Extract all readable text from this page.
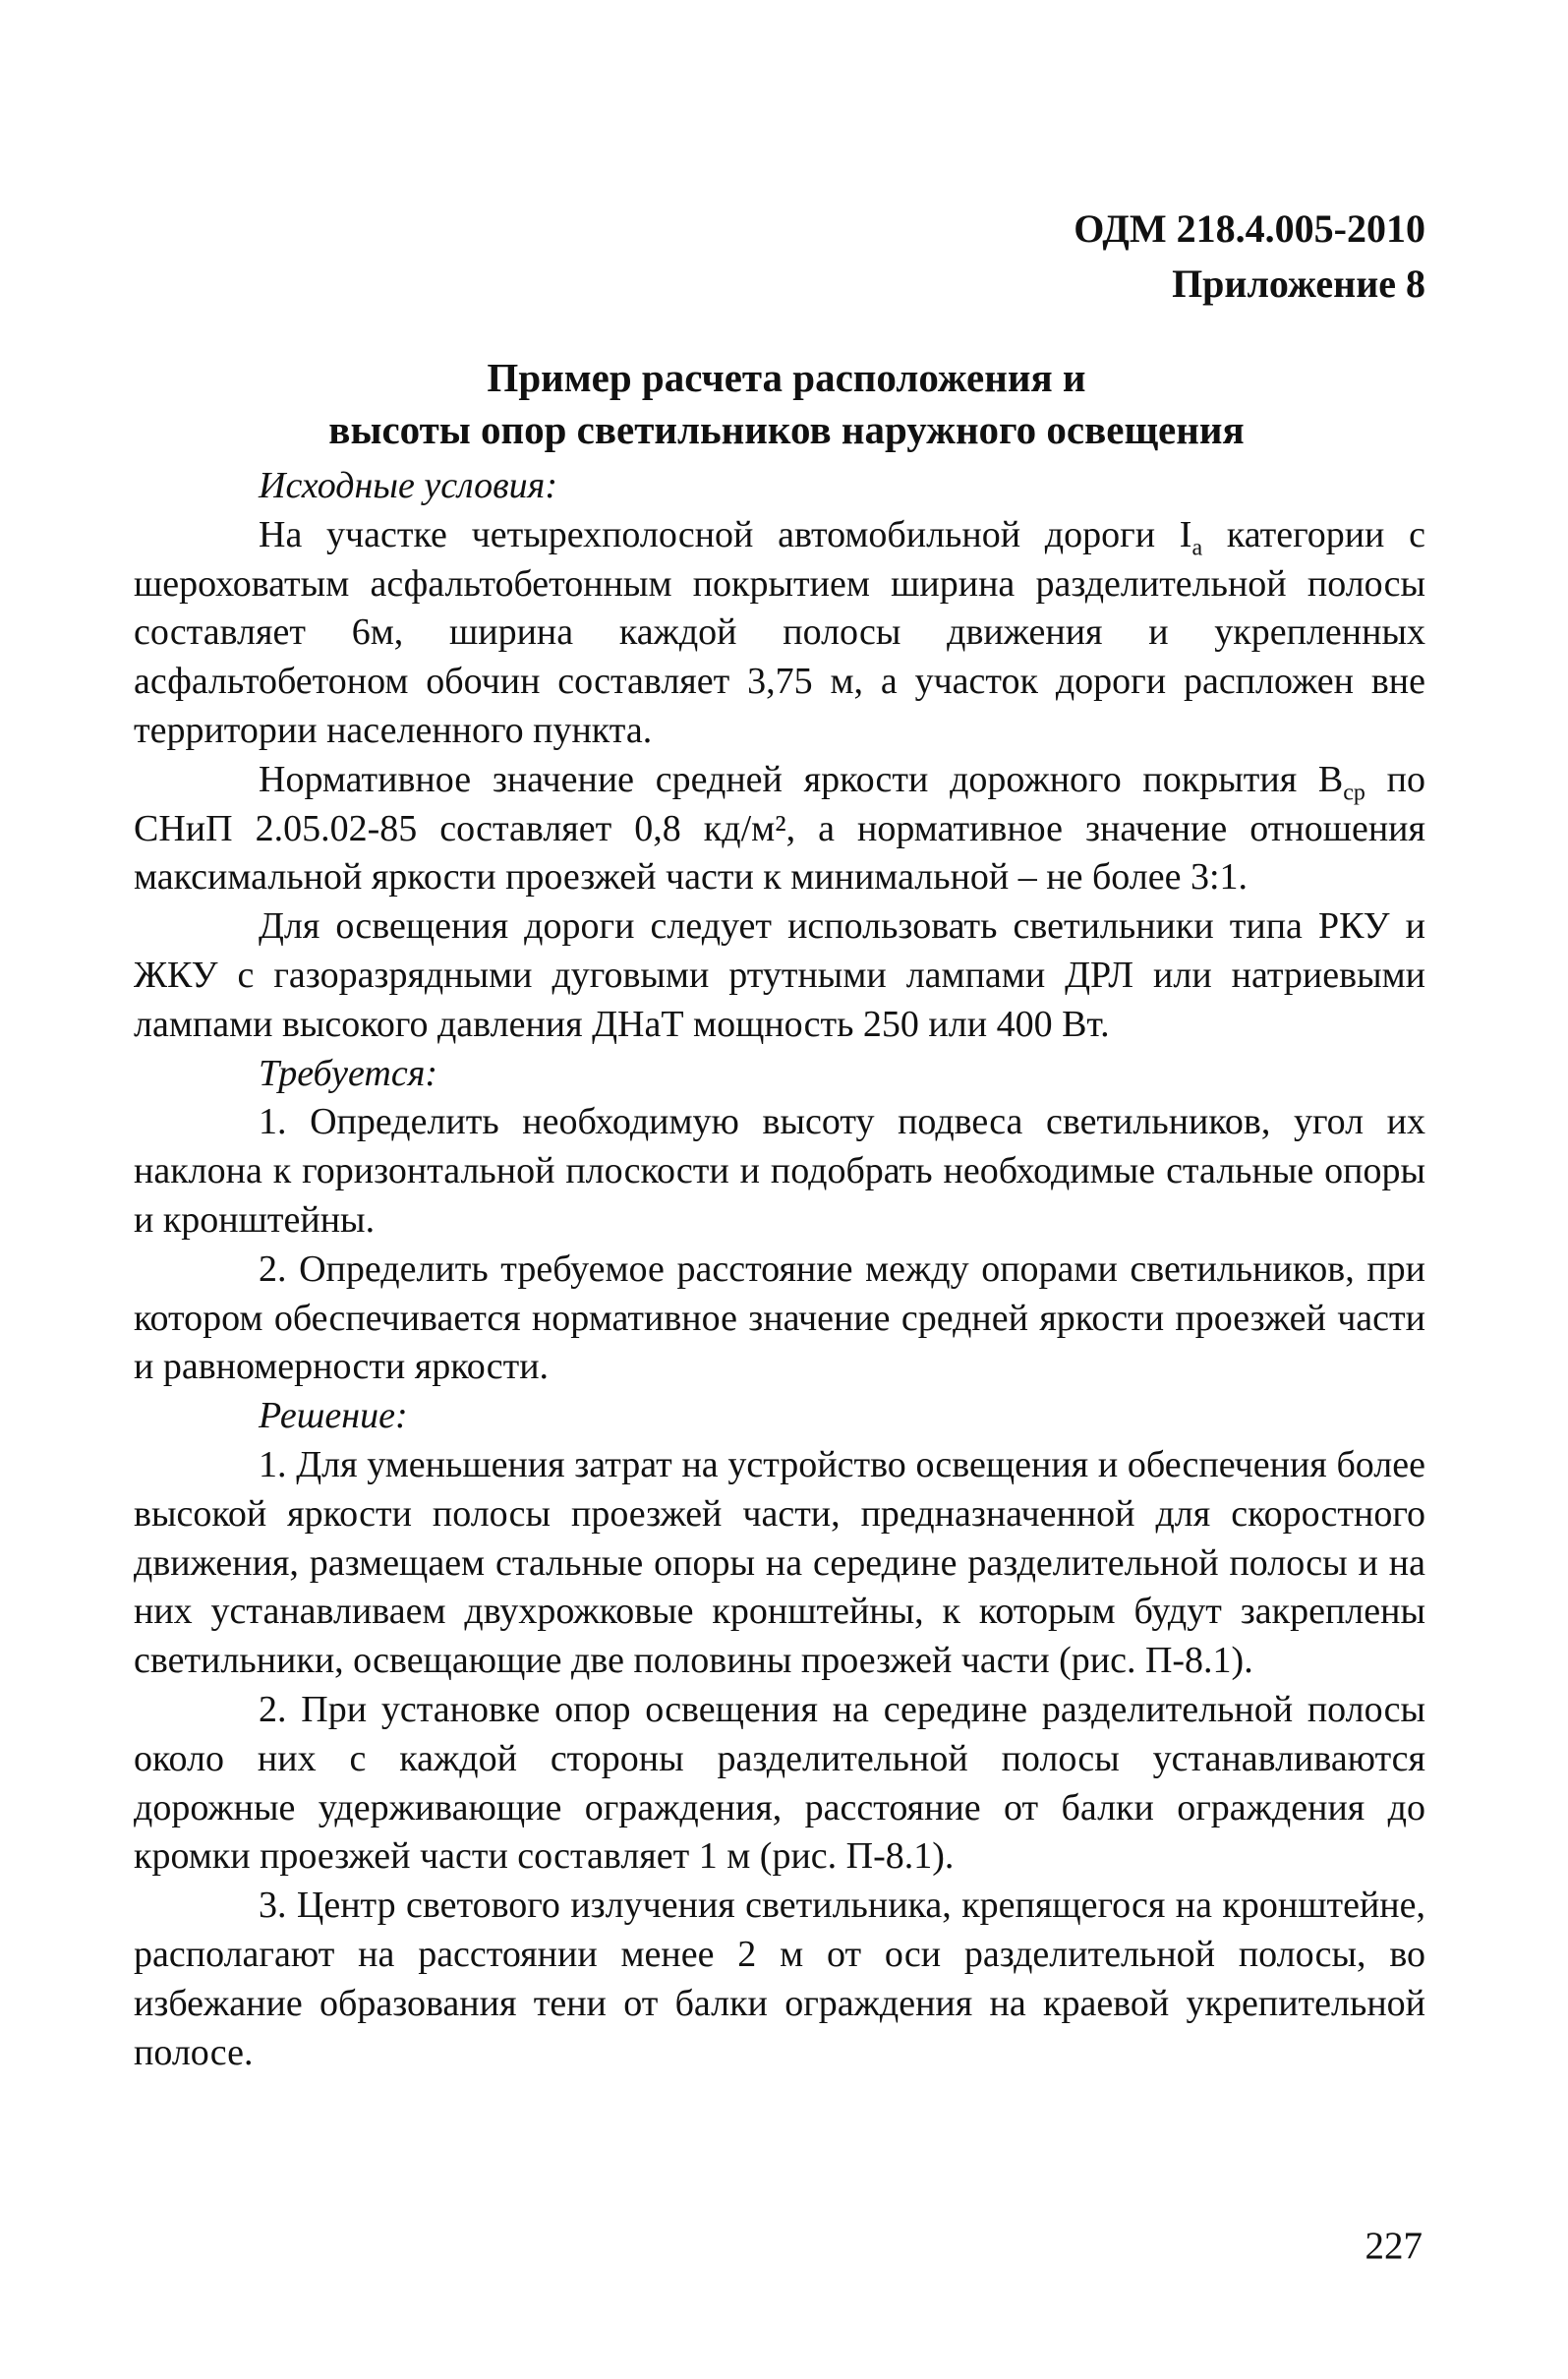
ОДМ 218.4.005-2010
Приложение 8
Пример расчета расположения и
высоты опор светильников наружного освещения

Исходные условия:

На участке четырехполосной автомобильной дороги $I_a$ категории с шероховатым асфальтобетонным покрытием ширина разделительной полосы составляет 6м, ширина каждой полосы движения и укрепленных асфальтобетоном обочин составляет 3,75 м, а участок дороги распложен вне территории населенного пункта.

Нормативное значение средней яркости дорожного покрытия $В_{ср}$ по СНиП 2.05.02-85 составляет 0,8 кд/м², а нормативное значение отношения максимальной яркости проезжей части к минимальной – не более 3:1.

Для освещения дороги следует использовать светильники типа РКУ и ЖКУ с газоразрядными дуговыми ртутными лампами ДРЛ или натриевыми лампами высокого давления ДНаТ мощность 250 или 400 Вт.

Требуется:

1. Определить необходимую высоту подвеса светильников, угол их наклона к горизонтальной плоскости и подобрать необходимые стальные опоры и кронштейны.

2. Определить требуемое расстояние между опорами светильников, при котором обеспечивается нормативное значение средней яркости проезжей части и равномерности яркости.

Решение:

1. Для уменьшения затрат на устройство освещения и обеспечения более высокой яркости полосы проезжей части, предназначенной для скоростного движения, размещаем стальные опоры на середине разделительной полосы и на них устанавливаем двухрожковые кронштейны, к которым будут закреплены светильники, освещающие две половины проезжей части (рис. П-8.1).

2. При установке опор освещения на середине разделительной полосы около них с каждой стороны разделительной полосы устанавливаются дорожные удерживающие ограждения, расстояние от балки ограждения до кромки проезжей части составляет 1 м (рис. П-8.1).

3. Центр светового излучения светильника, крепящегося на кронштейне, располагают на расстоянии менее 2 м от оси разделительной полосы, во избежание образования тени от балки ограждения на краевой укрепительной полосе.

227
